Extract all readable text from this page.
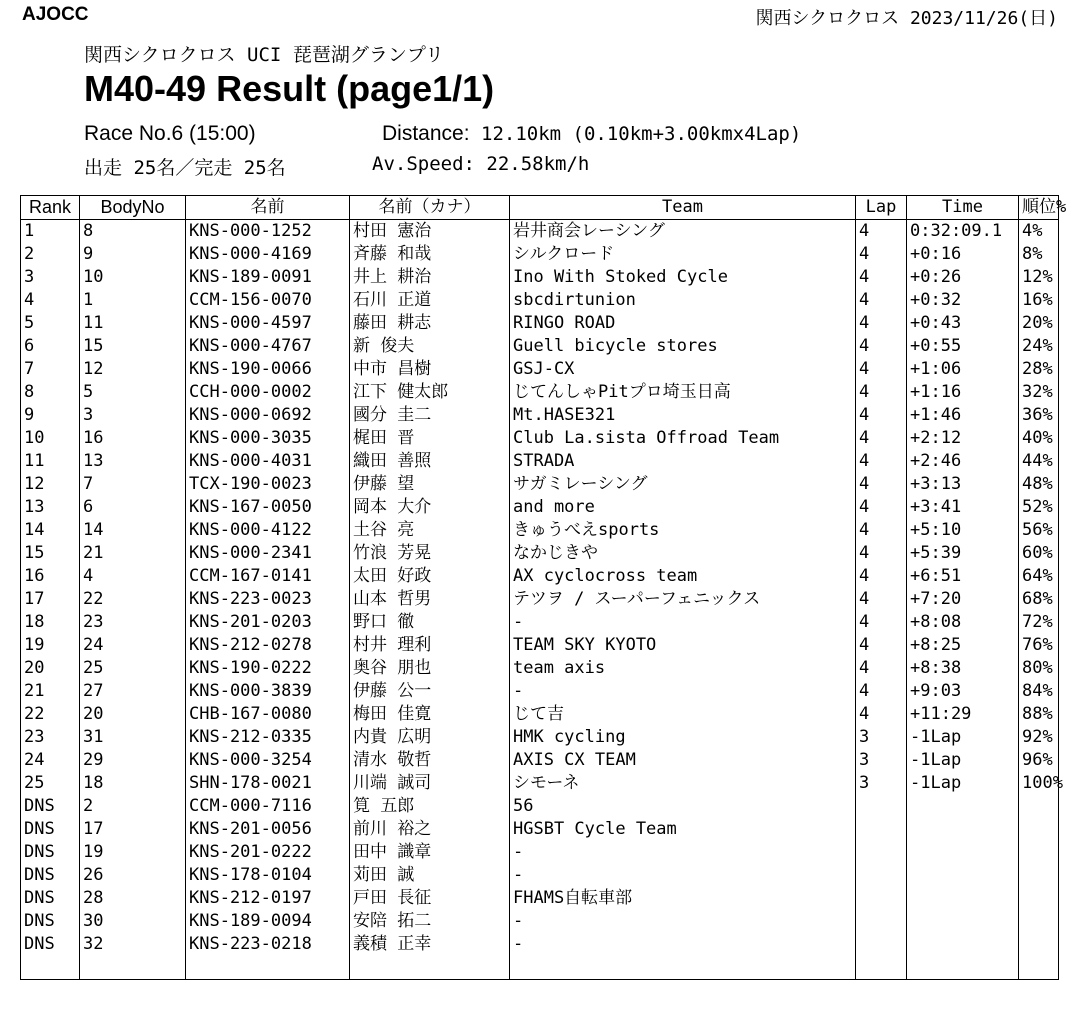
AJOCC	関西シクロクロス 2023/11/26(日)
関西シクロクロス UCI 琵琶湖グランプリ
M40-49 Result (page1/1)
Race No.6 (15:00)	Distance: 12.10km (0.10km+3.00kmx4Lap)
出走 25名／完走 25名	Av.Speed: 22.58km/h
Rank	BodyNo	名前	名前（カナ）	Team	Lap	Time	順位%
1	8	KNS-000-1252	村田 憲治	岩井商会レーシング	4	0:32:09.1	4%
2	9	KNS-000-4169	斉藤 和哉	シルクロード	4	+0:16	8%
3	10	KNS-189-0091	井上 耕治	Ino With Stoked Cycle	4	+0:26	12%
4	1	CCM-156-0070	石川 正道	sbcdirtunion	4	+0:32	16%
5	11	KNS-000-4597	藤田 耕志	RINGO ROAD	4	+0:43	20%
6	15	KNS-000-4767	新 俊夫	Guell bicycle stores	4	+0:55	24%
7	12	KNS-190-0066	中市 昌樹	GSJ-CX	4	+1:06	28%
8	5	CCH-000-0002	江下 健太郎	じてんしゃPitプロ埼玉日高	4	+1:16	32%
9	3	KNS-000-0692	國分 圭二	Mt.HASE321	4	+1:46	36%
10	16	KNS-000-3035	梶田 晋	Club La.sista Offroad Team	4	+2:12	40%
11	13	KNS-000-4031	織田 善照	STRADA	4	+2:46	44%
12	7	TCX-190-0023	伊藤 望	サガミレーシング	4	+3:13	48%
13	6	KNS-167-0050	岡本 大介	and more	4	+3:41	52%
14	14	KNS-000-4122	土谷 亮	きゅうべえsports	4	+5:10	56%
15	21	KNS-000-2341	竹浪 芳晃	なかじきや	4	+5:39	60%
16	4	CCM-167-0141	太田 好政	AX cyclocross team	4	+6:51	64%
17	22	KNS-223-0023	山本 哲男	テツヲ / スーパーフェニックス	4	+7:20	68%
18	23	KNS-201-0203	野口 徹	-	4	+8:08	72%
19	24	KNS-212-0278	村井 理利	TEAM SKY KYOTO	4	+8:25	76%
20	25	KNS-190-0222	奥谷 朋也	team axis	4	+8:38	80%
21	27	KNS-000-3839	伊藤 公一	-	4	+9:03	84%
22	20	CHB-167-0080	梅田 佳寛	じて吉	4	+11:29	88%
23	31	KNS-212-0335	内貴 広明	HMK cycling	3	-1Lap	92%
24	29	KNS-000-3254	清水 敬哲	AXIS CX TEAM	3	-1Lap	96%
25	18	SHN-178-0021	川端 誠司	シモーネ	3	-1Lap	100%
DNS	2	CCM-000-7116	筧 五郎	56			
DNS	17	KNS-201-0056	前川 裕之	HGSBT Cycle Team			
DNS	19	KNS-201-0222	田中 識章	-			
DNS	26	KNS-178-0104	苅田 誠	-			
DNS	28	KNS-212-0197	戸田 長征	FHAMS自転車部			
DNS	30	KNS-189-0094	安陪 拓二	-			
DNS	32	KNS-223-0218	義積 正幸	-			
